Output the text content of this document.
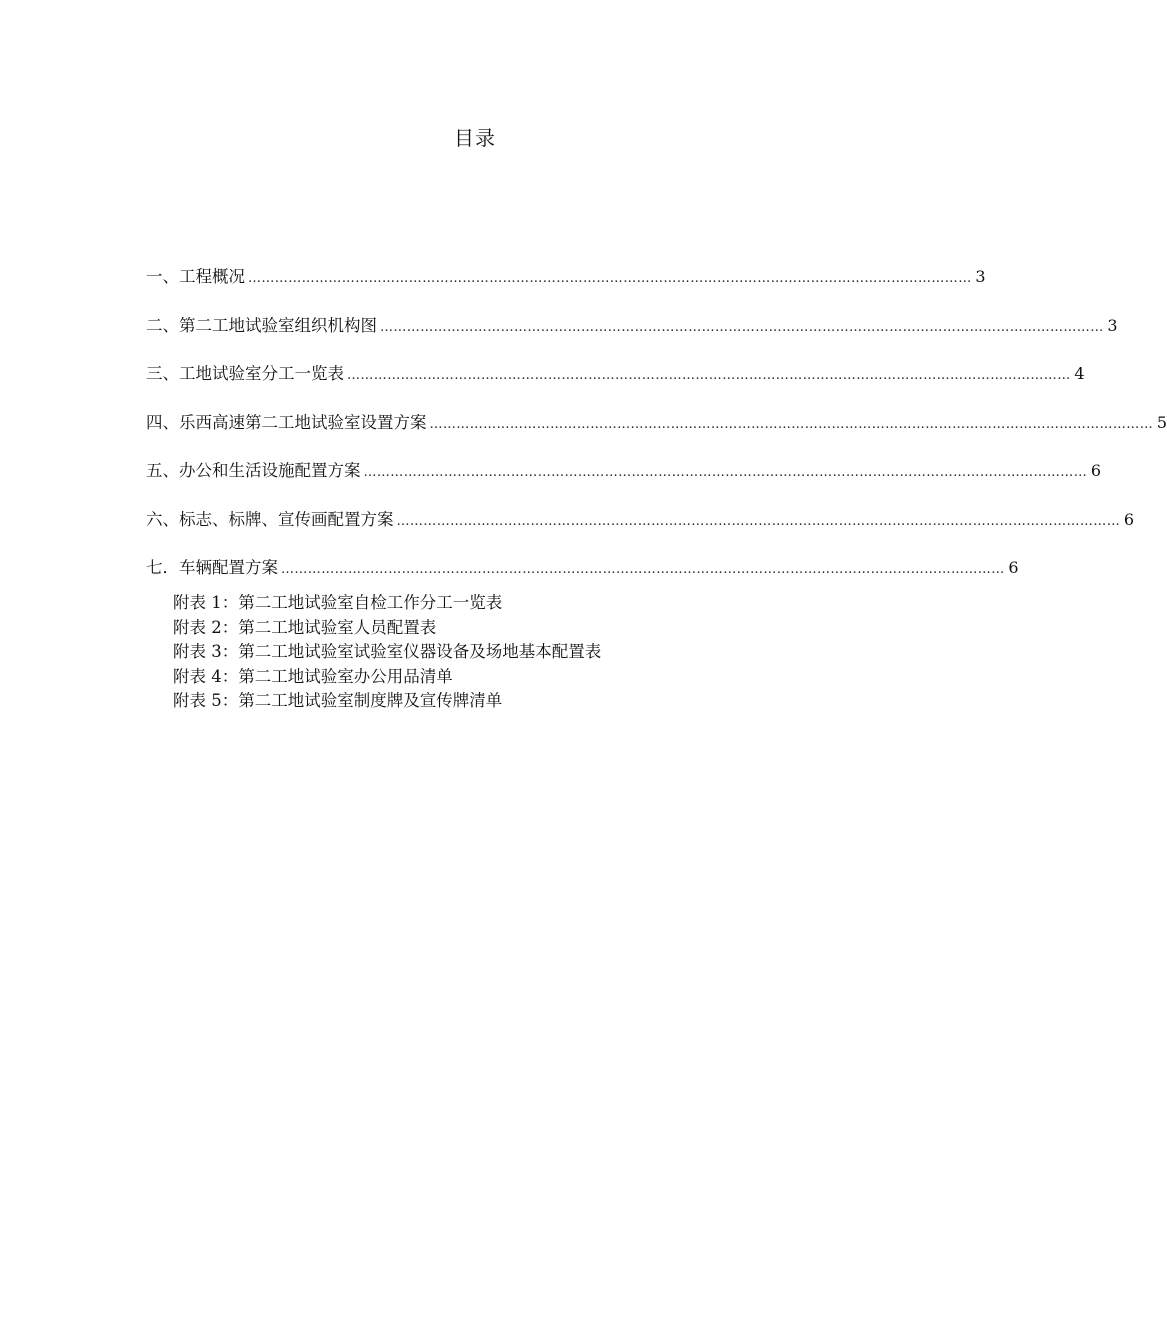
目录
一、工程概况 ……………………………………………………………………………………………………………………………………………… 3
二、第二工地试验室组织机构图 ……………………………………………………………………………………………………………………………………………… 3
三、工地试验室分工一览表 ……………………………………………………………………………………………………………………………………………… 4
四、乐西高速第二工地试验室设置方案 ……………………………………………………………………………………………………………………………………………… 5
五、办公和生活设施配置方案 ……………………………………………………………………………………………………………………………………………… 6
六、标志、标牌、宣传画配置方案 ……………………………………………………………………………………………………………………………………………… 6
七．车辆配置方案 ……………………………………………………………………………………………………………………………………………… 6
附表 1：第二工地试验室自检工作分工一览表
附表 2：第二工地试验室人员配置表
附表 3：第二工地试验室试验室仪器设备及场地基本配置表
附表 4：第二工地试验室办公用品清单
附表 5：第二工地试验室制度牌及宣传牌清单
